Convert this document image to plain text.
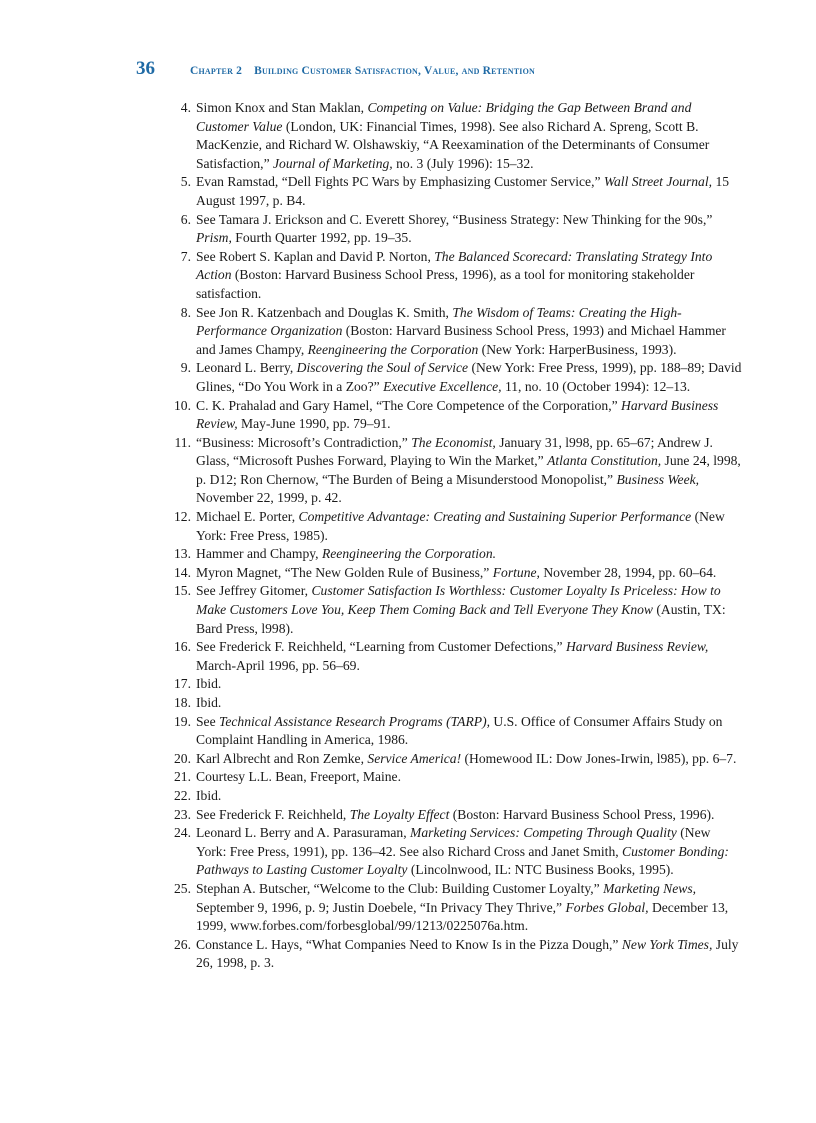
36	Chapter 2 Building Customer Satisfaction, Value, and Retention
4. Simon Knox and Stan Maklan, Competing on Value: Bridging the Gap Between Brand and Customer Value (London, UK: Financial Times, 1998). See also Richard A. Spreng, Scott B. MacKenzie, and Richard W. Olshawskiy, “A Reexamination of the Determinants of Consumer Satisfaction,” Journal of Marketing, no. 3 (July 1996): 15–32.
5. Evan Ramstad, “Dell Fights PC Wars by Emphasizing Customer Service,” Wall Street Journal, 15 August 1997, p. B4.
6. See Tamara J. Erickson and C. Everett Shorey, “Business Strategy: New Thinking for the 90s,” Prism, Fourth Quarter 1992, pp. 19–35.
7. See Robert S. Kaplan and David P. Norton, The Balanced Scorecard: Translating Strategy Into Action (Boston: Harvard Business School Press, 1996), as a tool for monitoring stakeholder satisfaction.
8. See Jon R. Katzenbach and Douglas K. Smith, The Wisdom of Teams: Creating the High-Performance Organization (Boston: Harvard Business School Press, 1993) and Michael Hammer and James Champy, Reengineering the Corporation (New York: HarperBusiness, 1993).
9. Leonard L. Berry, Discovering the Soul of Service (New York: Free Press, 1999), pp. 188–89; David Glines, “Do You Work in a Zoo?” Executive Excellence, 11, no. 10 (October 1994): 12–13.
10. C. K. Prahalad and Gary Hamel, “The Core Competence of the Corporation,” Harvard Business Review, May-June 1990, pp. 79–91.
11. “Business: Microsoft’s Contradiction,” The Economist, January 31, l998, pp. 65–67; Andrew J. Glass, “Microsoft Pushes Forward, Playing to Win the Market,” Atlanta Constitution, June 24, l998, p. D12; Ron Chernow, “The Burden of Being a Misunderstood Monopolist,” Business Week, November 22, 1999, p. 42.
12. Michael E. Porter, Competitive Advantage: Creating and Sustaining Superior Performance (New York: Free Press, 1985).
13. Hammer and Champy, Reengineering the Corporation.
14. Myron Magnet, “The New Golden Rule of Business,” Fortune, November 28, 1994, pp. 60–64.
15. See Jeffrey Gitomer, Customer Satisfaction Is Worthless: Customer Loyalty Is Priceless: How to Make Customers Love You, Keep Them Coming Back and Tell Everyone They Know (Austin, TX: Bard Press, l998).
16. See Frederick F. Reichheld, “Learning from Customer Defections,” Harvard Business Review, March-April 1996, pp. 56–69.
17. Ibid.
18. Ibid.
19. See Technical Assistance Research Programs (TARP), U.S. Office of Consumer Affairs Study on Complaint Handling in America, 1986.
20. Karl Albrecht and Ron Zemke, Service America! (Homewood IL: Dow Jones-Irwin, l985), pp. 6–7.
21. Courtesy L.L. Bean, Freeport, Maine.
22. Ibid.
23. See Frederick F. Reichheld, The Loyalty Effect (Boston: Harvard Business School Press, 1996).
24. Leonard L. Berry and A. Parasuraman, Marketing Services: Competing Through Quality (New York: Free Press, 1991), pp. 136–42. See also Richard Cross and Janet Smith, Customer Bonding: Pathways to Lasting Customer Loyalty (Lincolnwood, IL: NTC Business Books, 1995).
25. Stephan A. Butscher, “Welcome to the Club: Building Customer Loyalty,” Marketing News, September 9, 1996, p. 9; Justin Doebele, “In Privacy They Thrive,” Forbes Global, December 13, 1999, www.forbes.com/forbesglobal/99/1213/0225076a.htm.
26. Constance L. Hays, “What Companies Need to Know Is in the Pizza Dough,” New York Times, July 26, 1998, p. 3.
